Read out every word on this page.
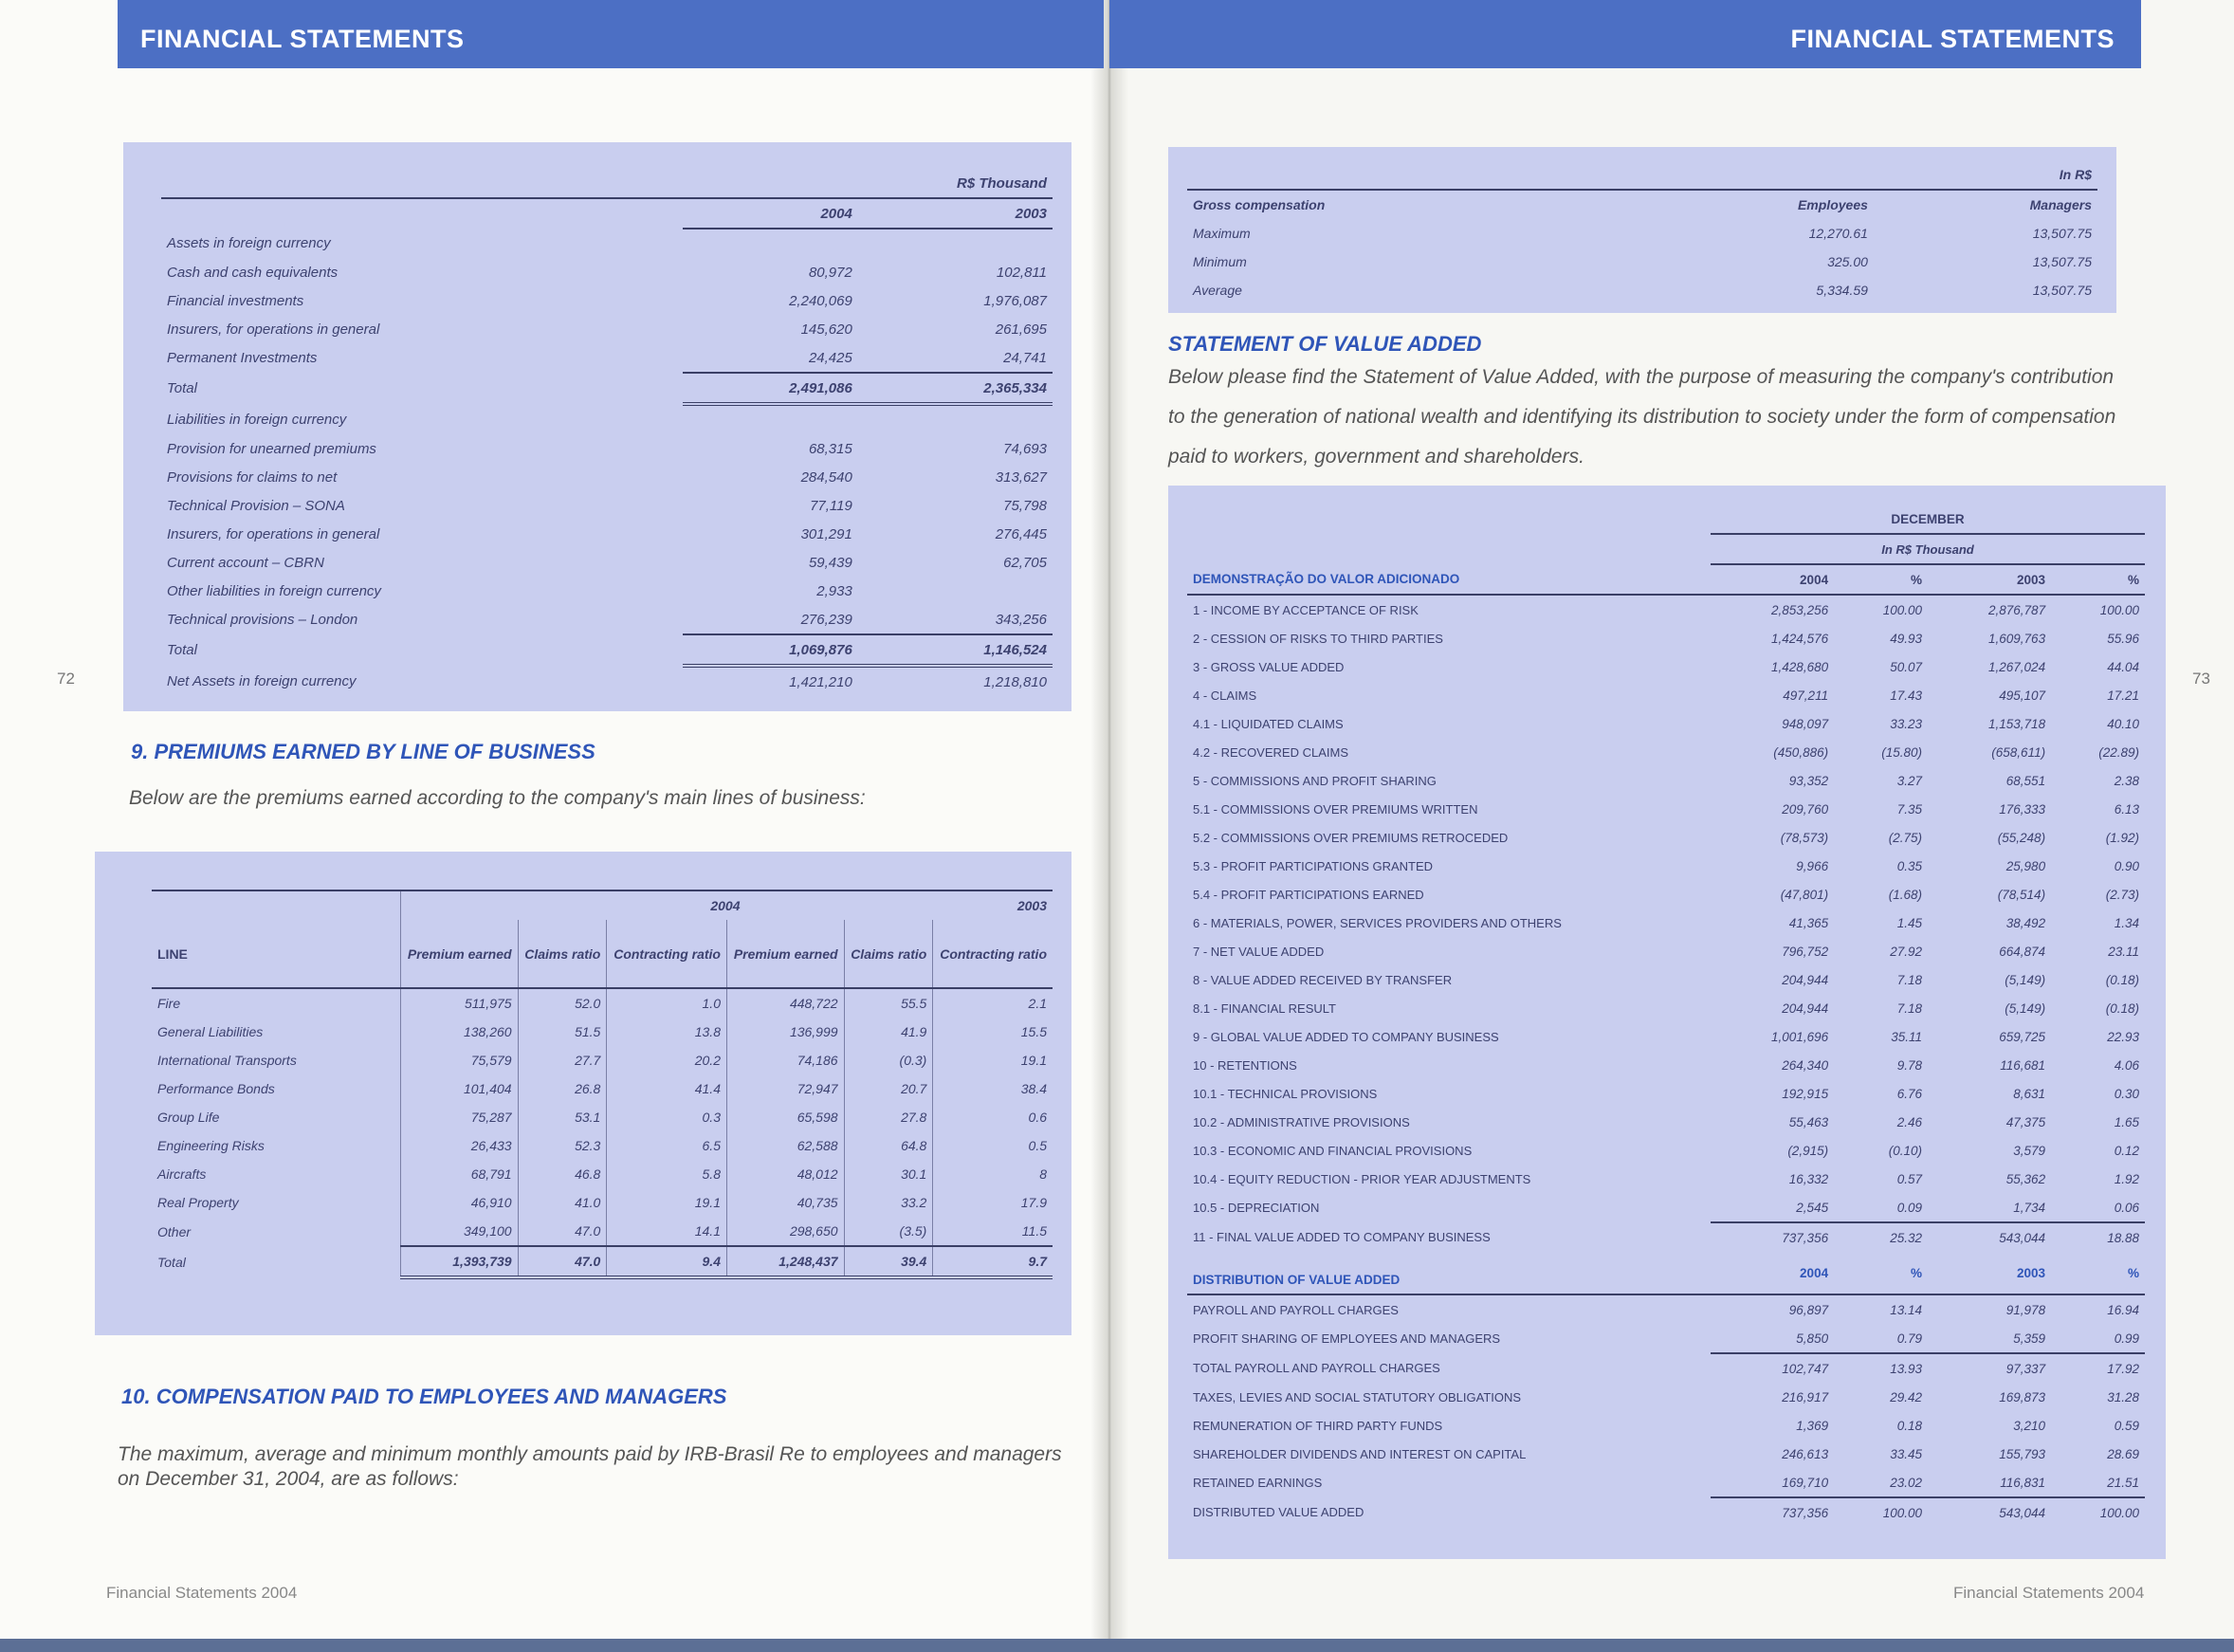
FINANCIAL STATEMENTS	FINANCIAL STATEMENTS
72	73
		R$ Thousand
	2004	2003
Assets in foreign currency		
Cash and cash equivalents	80,972	102,811
Financial investments	2,240,069	1,976,087
Insurers, for operations in general	145,620	261,695
Permanent Investments	24,425	24,741
Total	2,491,086	2,365,334
Liabilities in foreign currency		
Provision for unearned premiums	68,315	74,693
Provisions for claims to net	284,540	313,627
Technical Provision – SONA	77,119	75,798
Insurers, for operations in general	301,291	276,445
Current account – CBRN	59,439	62,705
Other liabilities in foreign currency	2,933	
Technical provisions – London	276,239	343,256
Total	1,069,876	1,146,524
Net Assets in foreign currency	1,421,210	1,218,810
9. PREMIUMS EARNED BY LINE OF BUSINESS
Below are the premiums earned according to the company's main lines of business:
			2004			2003
LINE	Premium earned	Claims ratio	Contracting ratio	Premium earned	Claims ratio	Contracting ratio
Fire	511,975	52.0	1.0	448,722	55.5	2.1
General Liabilities	138,260	51.5	13.8	136,999	41.9	15.5
International Transports	75,579	27.7	20.2	74,186	(0.3)	19.1
Performance Bonds	101,404	26.8	41.4	72,947	20.7	38.4
Group Life	75,287	53.1	0.3	65,598	27.8	0.6
Engineering Risks	26,433	52.3	6.5	62,588	64.8	0.5
Aircrafts	68,791	46.8	5.8	48,012	30.1	8
Real Property	46,910	41.0	19.1	40,735	33.2	17.9
Other	349,100	47.0	14.1	298,650	(3.5)	11.5
Total	1,393,739	47.0	9.4	1,248,437	39.4	9.7
10. COMPENSATION PAID TO EMPLOYEES AND MANAGERS
The maximum, average and minimum monthly amounts paid by IRB-Brasil Re to employees and managers
on December 31, 2004, are as follows:
Financial Statements 2004
		In R$
Gross compensation	Employees	Managers
Maximum	12,270.61	13,507.75
Minimum	325.00	13,507.75
Average	5,334.59	13,507.75
STATEMENT OF VALUE ADDED
Below please find the Statement of Value Added, with the purpose of measuring the company's contribution
to the generation of national wealth and identifying its distribution to society under the form of compensation
paid to workers, government and shareholders.
	DECEMBER			
	In R$ Thousand			
DEMONSTRAÇÃO DO VALOR ADICIONADO	2004	%	2003	%
1 - INCOME BY ACCEPTANCE OF RISK	2,853,256	100.00	2,876,787	100.00
2 - CESSION OF RISKS TO THIRD PARTIES	1,424,576	49.93	1,609,763	55.96
3 - GROSS VALUE ADDED	1,428,680	50.07	1,267,024	44.04
4 - CLAIMS	497,211	17.43	495,107	17.21
4.1 - LIQUIDATED CLAIMS	948,097	33.23	1,153,718	40.10
4.2 - RECOVERED CLAIMS	(450,886)	(15.80)	(658,611)	(22.89)
5 - COMMISSIONS AND PROFIT SHARING	93,352	3.27	68,551	2.38
5.1 - COMMISSIONS OVER PREMIUMS WRITTEN	209,760	7.35	176,333	6.13
5.2 - COMMISSIONS OVER PREMIUMS RETROCEDED	(78,573)	(2.75)	(55,248)	(1.92)
5.3 - PROFIT PARTICIPATIONS GRANTED	9,966	0.35	25,980	0.90
5.4 - PROFIT PARTICIPATIONS EARNED	(47,801)	(1.68)	(78,514)	(2.73)
6 - MATERIALS, POWER, SERVICES PROVIDERS AND OTHERS	41,365	1.45	38,492	1.34
7 - NET VALUE ADDED	796,752	27.92	664,874	23.11
8 - VALUE ADDED RECEIVED BY TRANSFER	204,944	7.18	(5,149)	(0.18)
8.1 - FINANCIAL RESULT	204,944	7.18	(5,149)	(0.18)
9 - GLOBAL VALUE ADDED TO COMPANY BUSINESS	1,001,696	35.11	659,725	22.93
10 - RETENTIONS	264,340	9.78	116,681	4.06
10.1 - TECHNICAL PROVISIONS	192,915	6.76	8,631	0.30
10.2 - ADMINISTRATIVE PROVISIONS	55,463	2.46	47,375	1.65
10.3 - ECONOMIC AND FINANCIAL PROVISIONS	(2,915)	(0.10)	3,579	0.12
10.4 - EQUITY REDUCTION - PRIOR YEAR ADJUSTMENTS	16,332	0.57	55,362	1.92
10.5 - DEPRECIATION	2,545	0.09	1,734	0.06
11 - FINAL VALUE ADDED TO COMPANY BUSINESS	737,356	25.32	543,044	18.88
DISTRIBUTION OF VALUE ADDED	2004	%	2003	%
PAYROLL AND PAYROLL CHARGES	96,897	13.14	91,978	16.94
PROFIT SHARING OF EMPLOYEES AND MANAGERS	5,850	0.79	5,359	0.99
TOTAL PAYROLL AND PAYROLL CHARGES	102,747	13.93	97,337	17.92
TAXES, LEVIES AND SOCIAL STATUTORY OBLIGATIONS	216,917	29.42	169,873	31.28
REMUNERATION OF THIRD PARTY FUNDS	1,369	0.18	3,210	0.59
SHAREHOLDER DIVIDENDS AND INTEREST ON CAPITAL	246,613	33.45	155,793	28.69
RETAINED EARNINGS	169,710	23.02	116,831	21.51
DISTRIBUTED VALUE ADDED	737,356	100.00	543,044	100.00
Financial Statements 2004
